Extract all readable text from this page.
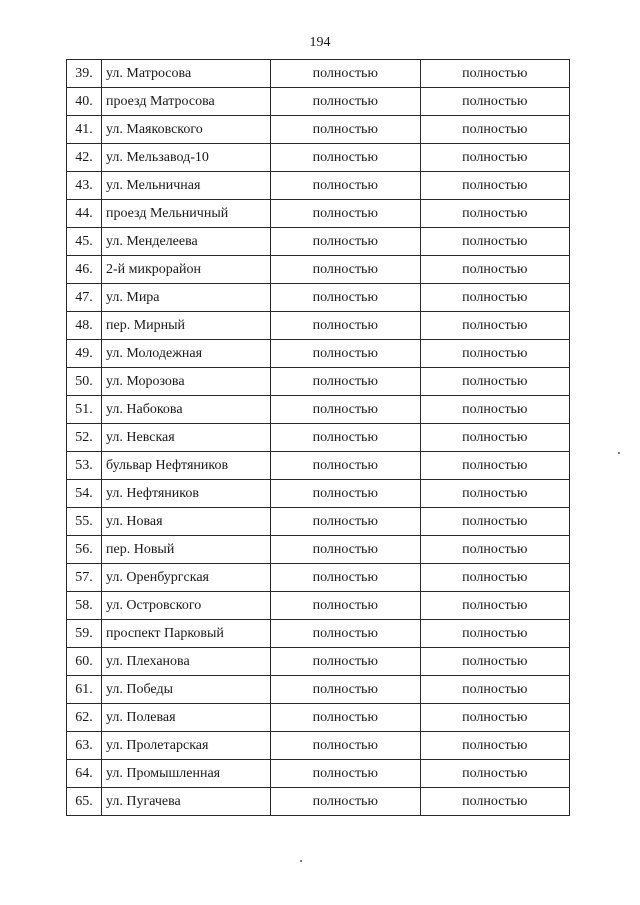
194
39.	ул. Матросова	полностью	полностью
40.	проезд Матросова	полностью	полностью
41.	ул. Маяковского	полностью	полностью
42.	ул. Мельзавод-10	полностью	полностью
43.	ул. Мельничная	полностью	полностью
44.	проезд Мельничный	полностью	полностью
45.	ул. Менделеева	полностью	полностью
46.	2-й микрорайон	полностью	полностью
47.	ул. Мира	полностью	полностью
48.	пер. Мирный	полностью	полностью
49.	ул. Молодежная	полностью	полностью
50.	ул. Морозова	полностью	полностью
51.	ул. Набокова	полностью	полностью
52.	ул. Невская	полностью	полностью
53.	бульвар Нефтяников	полностью	полностью
54.	ул. Нефтяников	полностью	полностью
55.	ул. Новая	полностью	полностью
56.	пер. Новый	полностью	полностью
57.	ул. Оренбургская	полностью	полностью
58.	ул. Островского	полностью	полностью
59.	проспект Парковый	полностью	полностью
60.	ул. Плеханова	полностью	полностью
61.	ул. Победы	полностью	полностью
62.	ул. Полевая	полностью	полностью
63.	ул. Пролетарская	полностью	полностью
64.	ул. Промышленная	полностью	полностью
65.	ул. Пугачева	полностью	полностью
